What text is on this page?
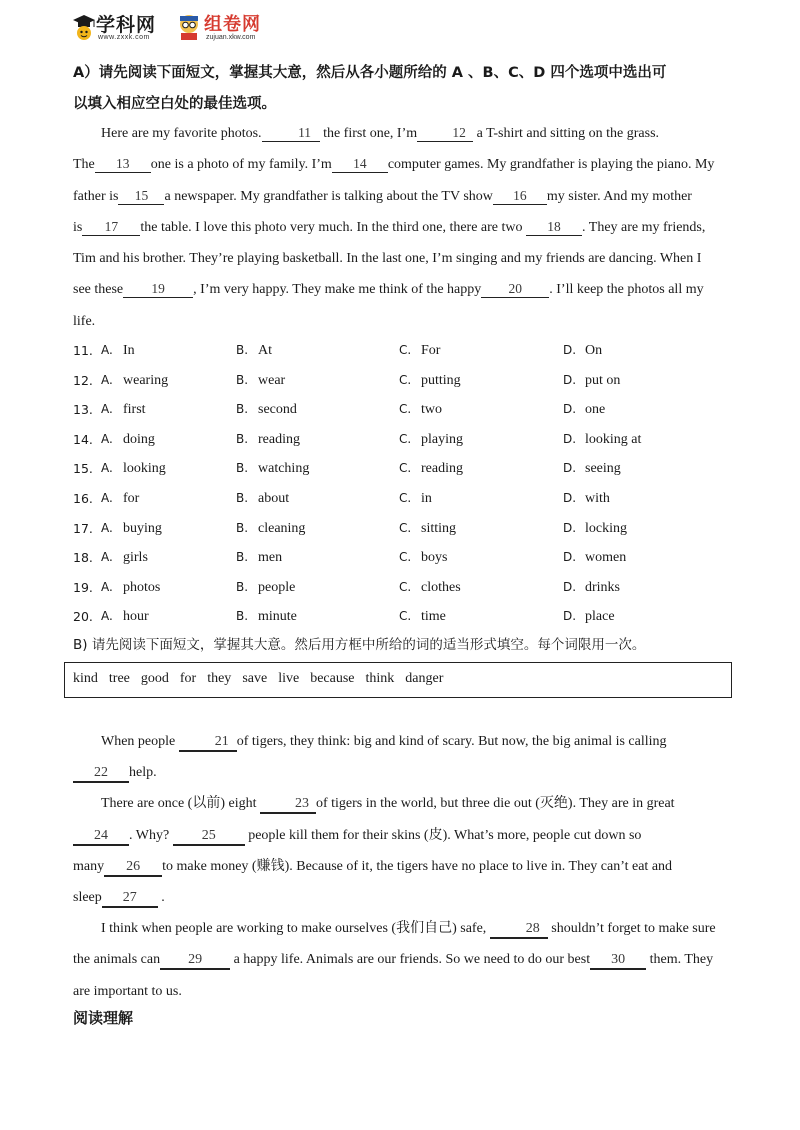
学科网
www.zxxk.com
组卷网
zujuan.xkw.com
A）请先阅读下面短文，掌握其大意，然后从各小题所给的 A 、B、C、D 四个选项中选出可
以填入相应空白处的最佳选项。

Here are my favorite photos.	11 the first one, I’m	12 a T-shirt and sitting on the grass.

The 13 one is a photo of my family. I’m 14 computer games. My grandfather is playing the piano. My

father is 15 a newspaper. My grandfather is talking about the TV show 16 my sister. And my mother

is 17 the table. I love this photo very much. In the third one, there are two 18 . They are my friends,

Tim and his brother. They’re playing basketball. In the last one, I’m singing and my friends are dancing. When I

see these 19 , I’m very happy. They make me think of the happy 20 . I’ll keep the photos all my

life.

11. A. In	B. At	C. For	D. On
12. A. wearing	B. wear	C. putting	D. put on
13. A. first	B. second	C. two	D. one
14. A. doing	B. reading	C. playing	D. looking at
15. A. looking	B. watching	C. reading	D. seeing
16. A. for	B. about	C. in	D. with
17. A. buying	B. cleaning	C. sitting	D. locking
18. A. girls	B. men	C. boys	D. women
19. A. photos	B. people	C. clothes	D. drinks
20. A. hour	B. minute	C. time	D. place
B) 请先阅读下面短文，掌握其大意。然后用方框中所给的词的适当形式填空。每个词限用一次。
kind tree good for they save live because think danger

When people	21 of tigers, they think: big and kind of scary. But now, the big animal is calling

22 help.

There are once (以前) eight	23 of tigers in the world, but three die out (灭绝). They are in great

24 . Why? 25 people kill them for their skins (皮). What’s more, people cut down so

many 26 to make money (赚钱). Because of it, the tigers have no place to live in. They can’t eat and

sleep 27 .

I think when people are working to make ourselves (我们自己) safe,	28 shouldn’t forget to make sure

the animals can 29 a happy life. Animals are our friends. So we need to do our best 30 them. They

are important to us.

阅读理解
